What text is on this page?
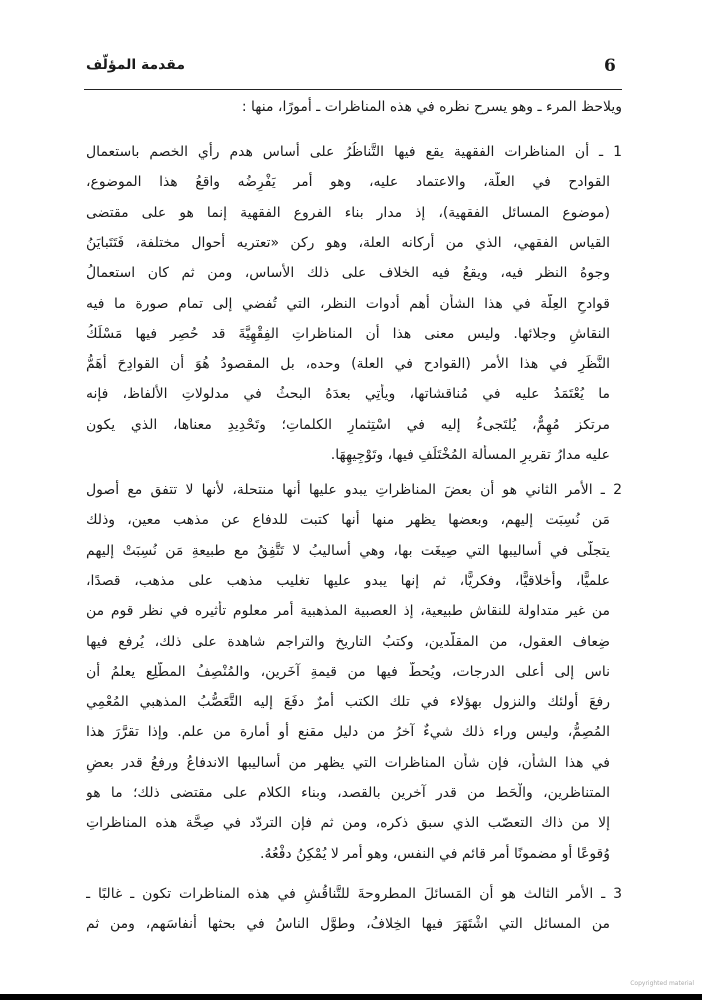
6
مقدمة المؤلّف
ويلاحظ المرء ـ وهو يسرح نظره في هذه المناظرات ـ أمورًا، منها :
1 ـ أن المناظرات الفقهية يقع فيها التَّناظُرُ على أساس هدم رأي الخصم باستعمال
القوادح في العلّة، والاعتماد عليه، وهو أمر يَفْرِضُه واقعُ هذا الموضوع،
(موضوع المسائل الفقهية)، إذ مدار بناء الفروع الفقهية إنما هو على مقتضى
القياس الفقهي، الذي من أركانه العلة، وهو ركن «تعتريه أحوال مختلفة، فَتَتَبايَنُ
وجوهُ النظر فيه، ويقعُ فيه الخلاف على ذلك الأساس، ومن ثم كان استعمالُ
قوادحِ العِلَّة في هذا الشأن أهم أدوات النظر، التي تُفضي إلى تمام صورة ما فيه
النقاشِ وجلائها. وليس معنى هذا أن المناظراتِ الفِقْهِيَّةَ قد حُصِر فيها مَسْلَكُ
النَّظَرِ في هذا الأمر (القوادح في العلة) وحده، بل المقصودُ هُوَ أن القوادِحَ أَهَمُّ
ما يُعْتَمَدُ عليه في مُناقشاتها، ويأتِي بعدَهُ البحثُ في مدلولاتِ الألفاظ، فإنه
مرتكز مُهِمٌّ، يُلتَجىءُ إليه في اسْتِثمارِ الكلماتِ؛ وتَحْدِيدِ معناها، الذي يكون
عليه مدارُ تقريرِ المسألة المُخْتَلَفِ فيها، وتَوْجِيهِهَا.
2 ـ الأمر الثاني هو أن بعضَ المناظراتِ يبدو عليها أنها منتحلة، لأنها لا تتفق مع أصول
مَن نُسِبَت إليهم، وبعضها يظهر منها أنها كتبت للدفاع عن مذهب معين، وذلك
يتجلّى في أساليبها التي صِيغَت بها، وهي أساليبُ لا تَتَّفِقُ مع طبيعةِ مَن نُسِبَتْ إليهم
علميًّا، وأخلاقيًّا، وفكريًّا، ثم إنها يبدو عليها تغليب مذهب على مذهب، قصدًا،
من غير متداولة للنقاش طبيعية، إذ العصبية المذهبية أمر معلوم تأثيره في نظر قوم من
ضِعاف العقول، من المقلّدين، وكتبُ التاريخ والتراجم شاهدة على ذلك، يُرفع فيها
ناس إلى أعلى الدرجات، ويُحطّ فيها من قيمةِ آخَرين، والمُنْصِفُ المطَّلِع يعلمُ أن
رفعَ أولئك والنزول بهؤلاء في تلك الكتب أمرٌ دفَعَ إليه التَّعَصُّبُ المذهبي المُعْمِي
المُصِمُّ، وليس وراء ذلك شيءٌ آخرُ من دليل مقنع أو أمارة من علم. وإذا تقرَّرَ هذا
في هذا الشأن، فإن شأن المناظرات التي يظهر من أساليبها الاندفاعُ ورفعُ قدر بعضِ
المتناظرين، والْحَط من قدر آخرين بالقصد، وبناء الكلام على مقتضى ذلك؛ ما هو
إلا من ذاك التعصّب الذي سبق ذكره، ومن ثم فإن التردّد في صِحَّة هذه المناظراتِ
وُقوعًا أو مضمونًا أمر قائم في النفس، وهو أمر لا يُمْكِنُ دفْعُهُ.
3 ـ الأمر الثالث هو أن المَسائلَ المطروحةَ للتَّناقُشِ في هذه المناظرات تكون ـ غالبًا ـ
من المسائل التي اشْتَهَرَ فيها الخِلافُ، وطوَّل الناسُ في بحثها أنفاسَهم، ومن ثم
Copyrighted material
